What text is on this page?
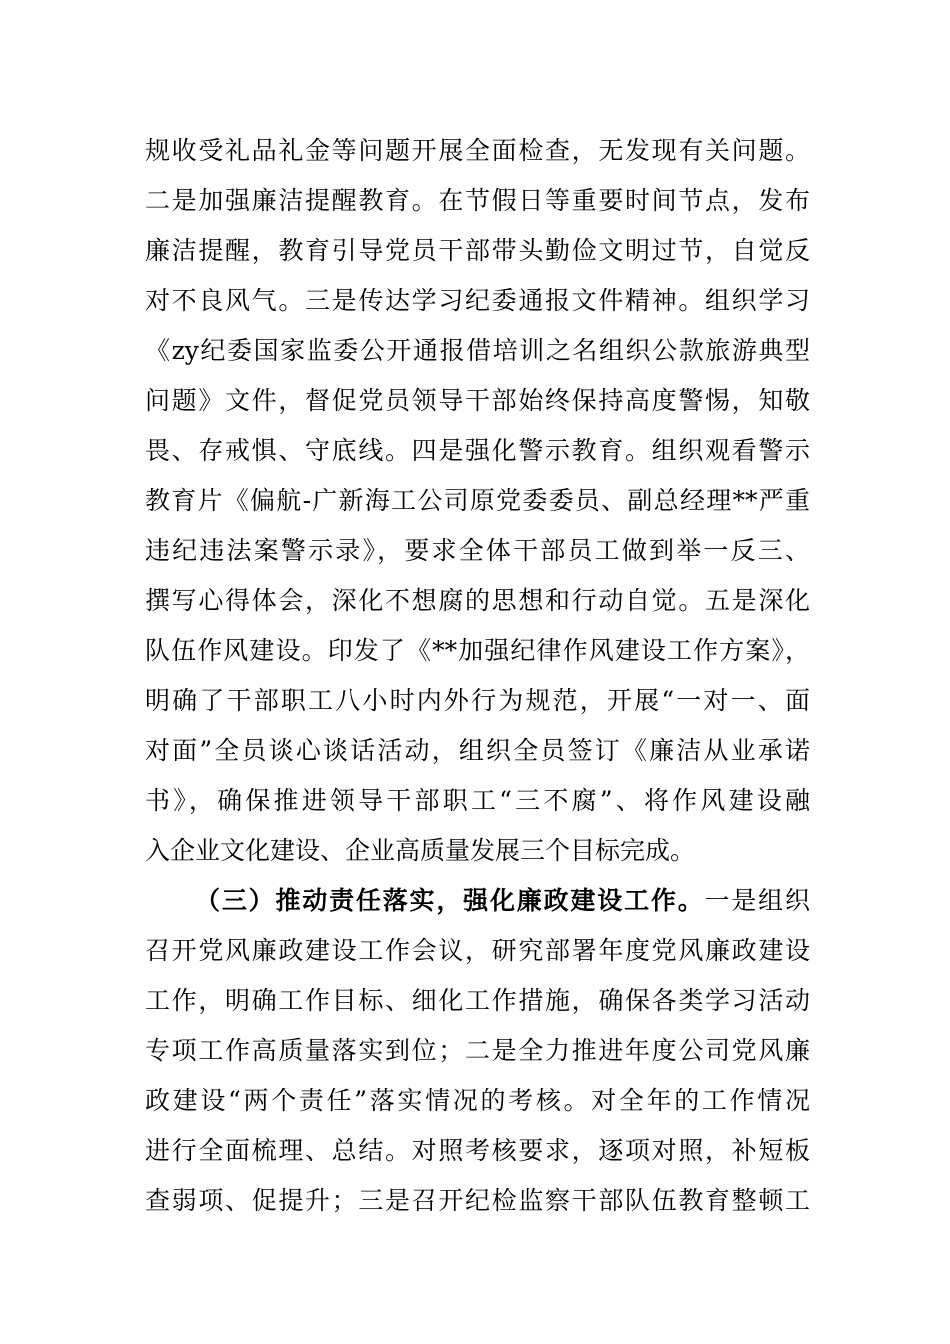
规收受礼品礼金等问题开展全面检查，无发现有关问题。
二是加强廉洁提醒教育。在节假日等重要时间节点，发布
廉洁提醒，教育引导党员干部带头勤俭文明过节，自觉反
对不良风气。三是传达学习纪委通报文件精神。组织学习
《zy纪委国家监委公开通报借培训之名组织公款旅游典型
问题》文件，督促党员领导干部始终保持高度警惕，知敬
畏、存戒惧、守底线。四是强化警示教育。组织观看警示
教育片《偏航-广新海工公司原党委委员、副总经理**严重
违纪违法案警示录》，要求全体干部员工做到举一反三、
撰写心得体会，深化不想腐的思想和行动自觉。五是深化
队伍作风建设。印发了《**加强纪律作风建设工作方案》，
明确了干部职工八小时内外行为规范，开展“一对一、面
对面”全员谈心谈话活动，组织全员签订《廉洁从业承诺
书》，确保推进领导干部职工“三不腐”、将作风建设融
入企业文化建设、企业高质量发展三个目标完成。
（三）推动责任落实，强化廉政建设工作。一是组织
召开党风廉政建设工作会议，研究部署年度党风廉政建设
工作，明确工作目标、细化工作措施，确保各类学习活动
专项工作高质量落实到位；二是全力推进年度公司党风廉
政建设“两个责任”落实情况的考核。对全年的工作情况
进行全面梳理、总结。对照考核要求，逐项对照，补短板
查弱项、促提升；三是召开纪检监察干部队伍教育整顿工
